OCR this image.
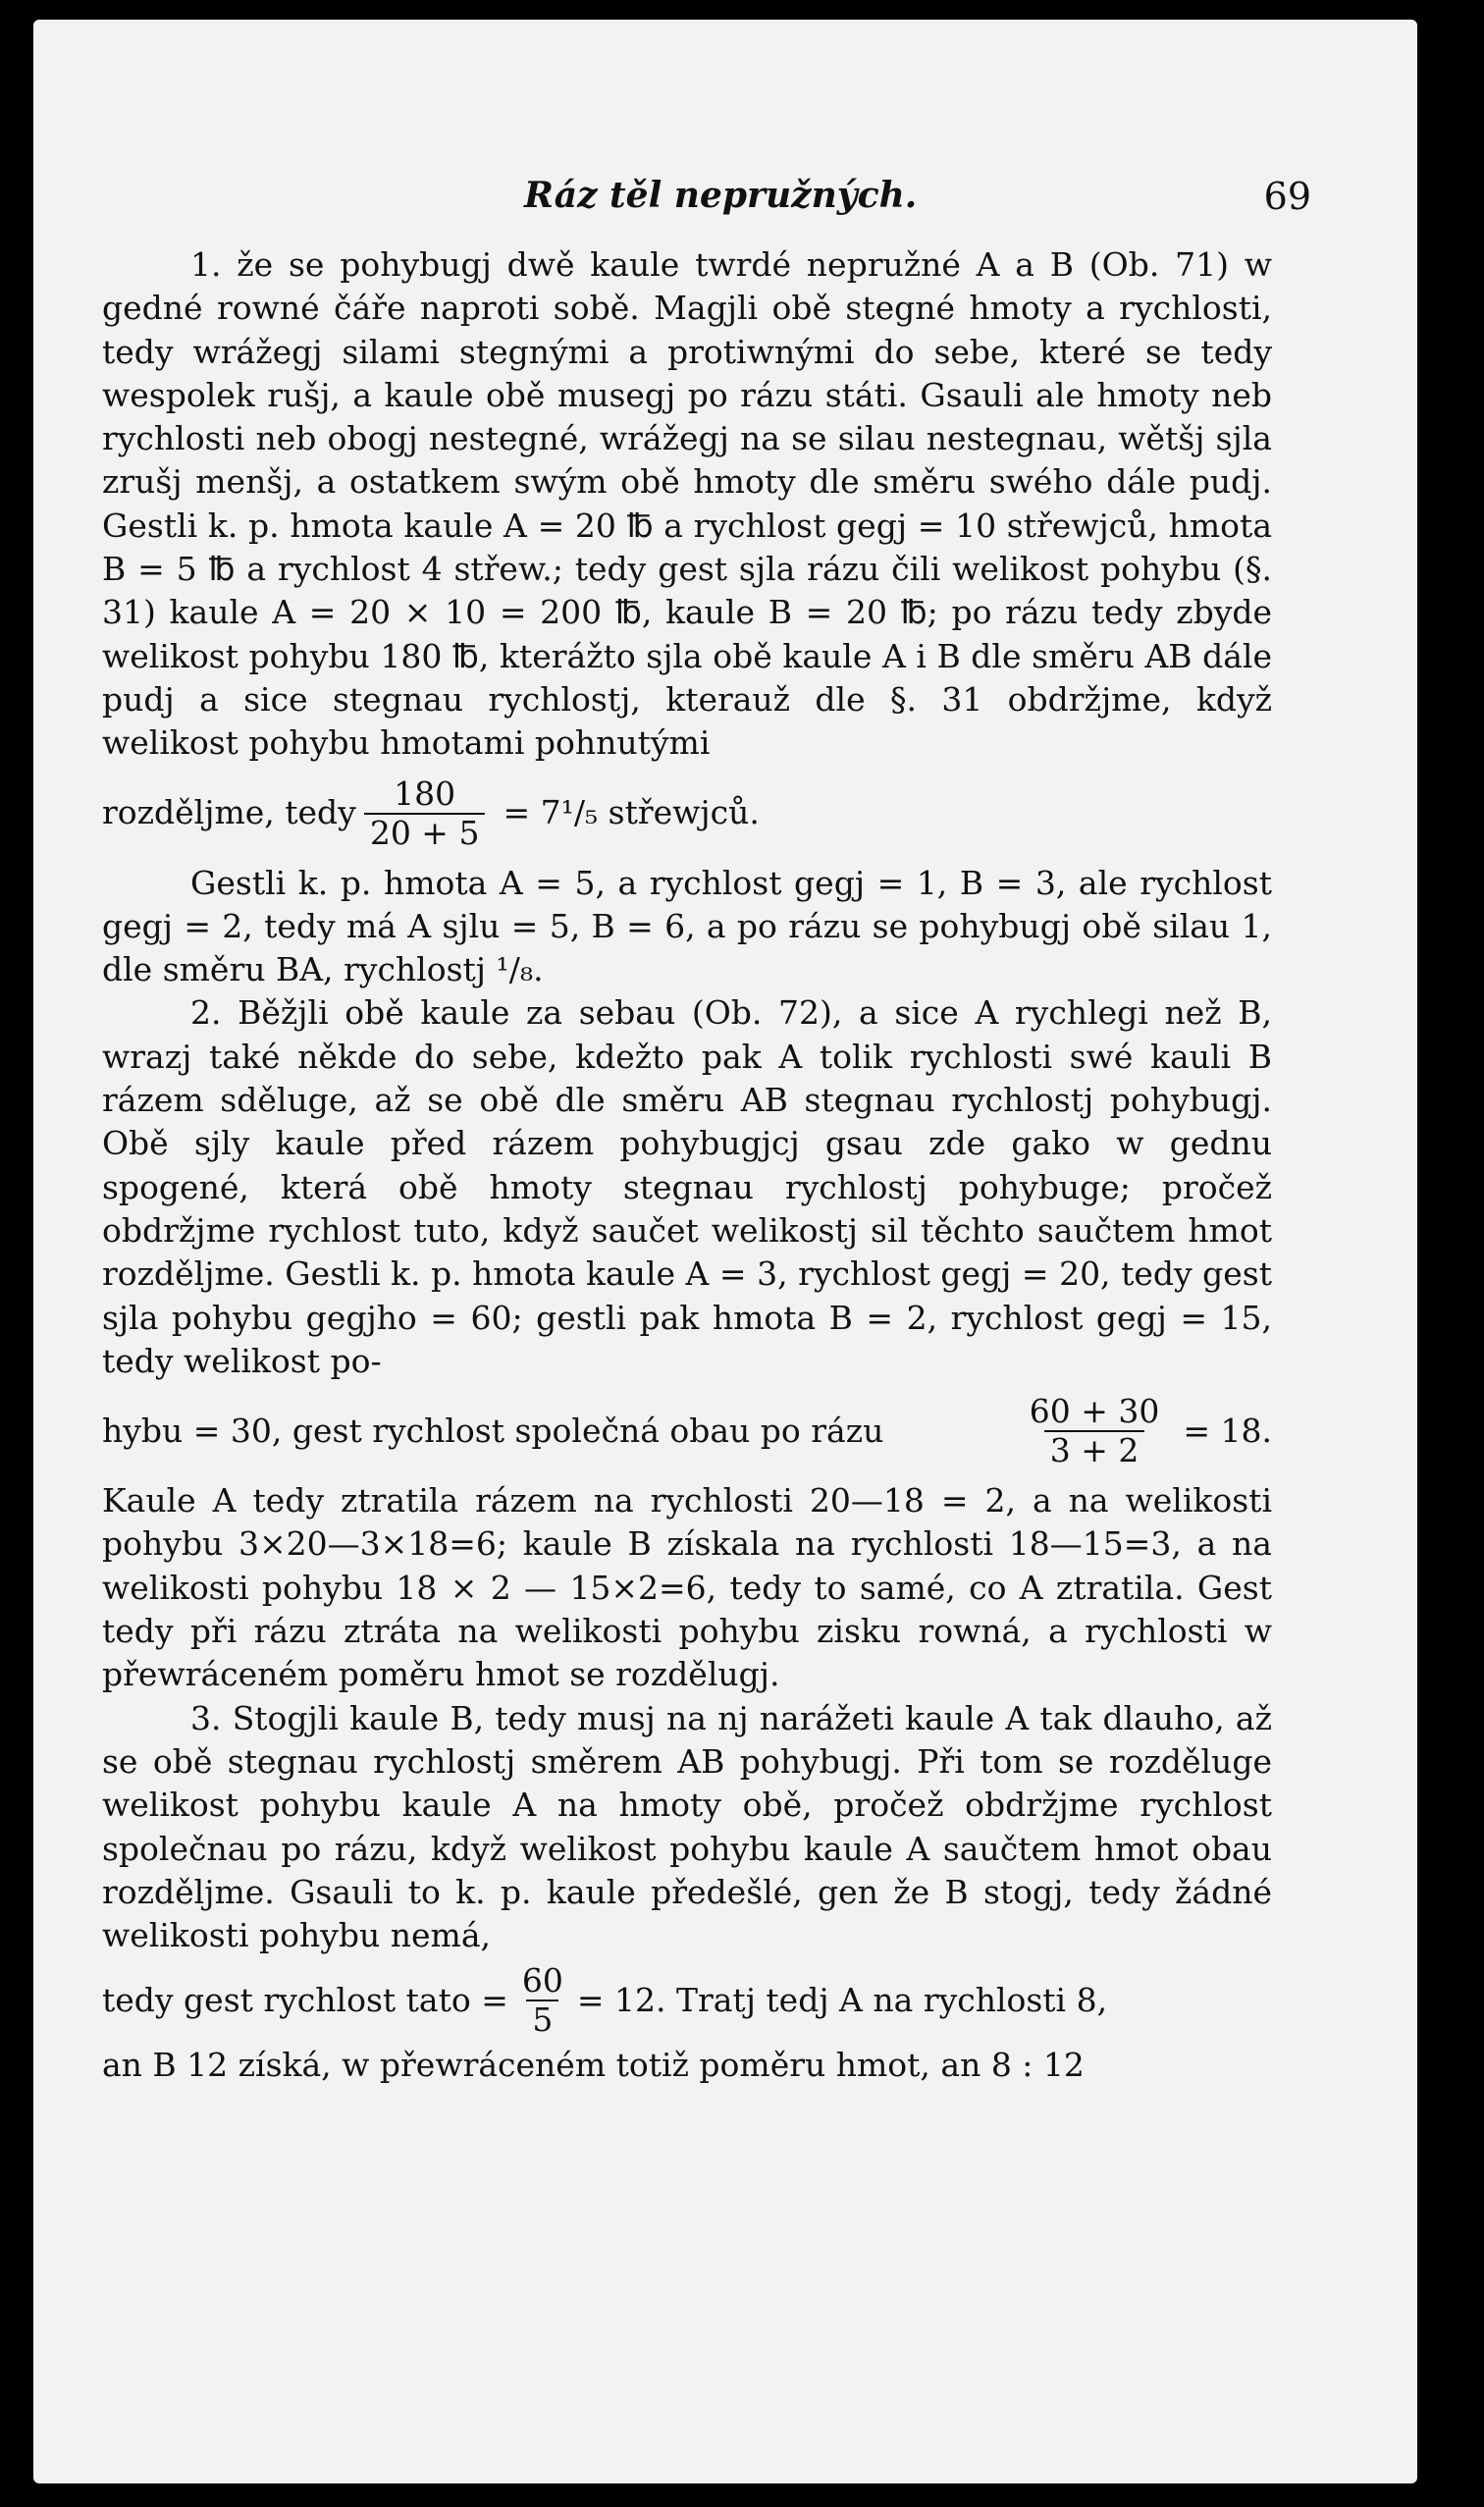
Ráz těl nepružných.	69

1. že se pohybugj dwě kaule twrdé nepružné A a B (Ob. 71) w gedné rowné čáře naproti sobě. Magjli obě stegné hmoty a rychlosti, tedy wrážegj silami stegnými a protiwnými do sebe, které se tedy wespolek rušj, a kaule obě musegj po rázu státi. Gsauli ale hmoty neb rychlosti neb obogj nestegné, wrážegj na se silau nestegnau, wětšj sjla zrušj menšj, a ostatkem swým obě hmoty dle směru swého dále pudj. Gestli k. p. hmota kaule A = 20 ℔ a rychlost gegj = 10 střewjců, hmota B = 5 ℔ a rychlost 4 střew.; tedy gest sjla rázu čili welikost pohybu (§. 31) kaule A = 20 × 10 = 200 ℔, kaule B = 20 ℔; po rázu tedy zbyde welikost pohybu 180 ℔, kterážto sjla obě kaule A i B dle směru AB dále pudj a sice stegnau rychlostj, kterauž dle §. 31 obdržjme, když welikost pohybu hmotami pohnutými

rozděljme, tedy $\frac{180}{20 + 5} = 7^1/_5$ střewjců.

Gestli k. p. hmota A = 5, a rychlost gegj = 1, B = 3, ale rychlost gegj = 2, tedy má A sjlu = 5, B = 6, a po rázu se pohybugj obě silau 1, dle směru BA, rychlostj ¹/₈.

2. Běžjli obě kaule za sebau (Ob. 72), a sice A rychlegi než B, wrazj také někde do sebe, kdežto pak A tolik rychlosti swé kauli B rázem sděluge, až se obě dle směru AB stegnau rychlostj pohybugj. Obě sjly kaule před rázem pohybugjcj gsau zde gako w gednu spogené, která obě hmoty stegnau rychlostj pohybuge; pročež obdržjme rychlost tuto, když saučet welikostj sil těchto saučtem hmot rozdělјme. Gestli k. p. hmota kaule A = 3, rychlost gegj = 20, tedy gest sjla pohybu gegjho = 60; gestli pak hmota B = 2, rychlost gegj = 15, tedy welikost po-

hybu = 30, gest rychlost společná obau po rázu	$\frac{60 + 30}{3 + 2} = 18$.

Kaule A tedy ztratila rázem na rychlosti 20—18 = 2, a na welikosti pohybu 3×20—3×18=6; kaule B získala na rychlosti 18—15=3, a na welikosti pohybu 18 × 2 — 15×2=6, tedy to samé, co A ztratila. Gest tedy při rázu ztráta na welikosti pohybu zisku rowná, a rychlosti w přewráceném poměru hmot se rozdělugj.

3. Stogjli kaule B, tedy musj na nj narážeti kaule A tak dlauho, až se obě stegnau rychlostj směrem AB pohybugj. Při tom se rozděluge welikost pohybu kaule A na hmoty obě, pročež obdržjme rychlost společnau po rázu, když welikost pohybu kaule A saučtem hmot obau rozdělјme. Gsauli to k. p. kaule předešlé, gen že B stogj, tedy žádné welikosti pohybu nemá,

tedy gest rychlost tato = $\frac{60}{5} = 12$. Tratj tedj A na rychlosti 8,

an B 12 získá, w přewráceném totiž poměru hmot, an 8 : 12
